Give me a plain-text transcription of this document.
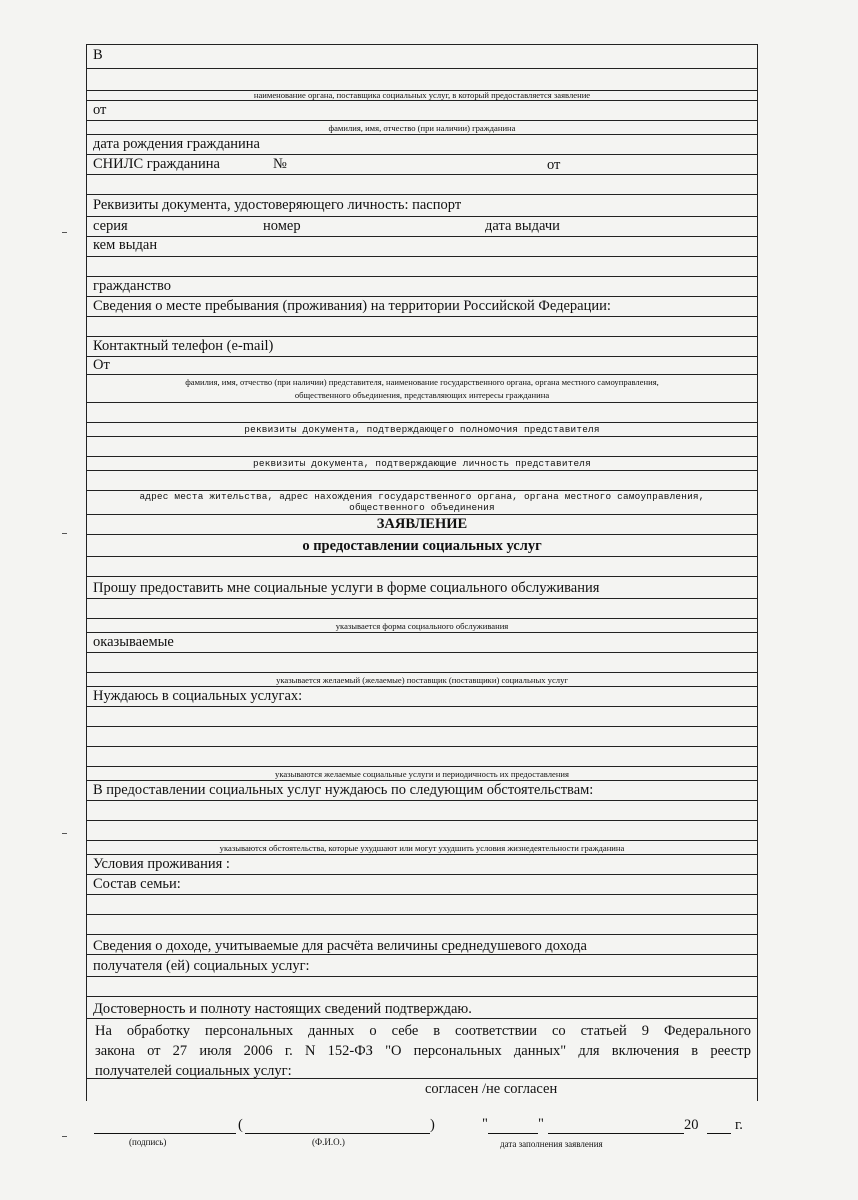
В
наименование органа, поставщика социальных услуг, в который предоставляется заявление
от
фамилия, имя, отчество (при наличии) гражданина
дата рождения гражданина
СНИЛС гражданина	№	от
Реквизиты документа, удостоверяющего личность: паспорт
серия	номер	дата выдачи
кем выдан
гражданство
Сведения о месте пребывания (проживания) на территории Российской Федерации:
Контактный телефон (e-mail)
От
фамилия, имя, отчество (при наличии) представителя, наименование государственного органа, органа местного самоуправления,
общественного объединения, представляющих интересы гражданина
реквизиты документа, подтверждающего полномочия представителя
реквизиты документа, подтверждающие личность представителя
адрес места жительства, адрес нахождения государственного органа, органа местного самоуправления,
общественного объединения
ЗАЯВЛЕНИЕ
о предоставлении социальных услуг
Прошу предоставить мне социальные услуги в форме социального обслуживания
указывается форма социального обслуживания
оказываемые
указывается желаемый (желаемые) поставщик (поставщики) социальных услуг
Нуждаюсь в социальных услугах:
указываются желаемые социальные услуги и периодичность их предоставления
В предоставлении социальных услуг нуждаюсь по следующим обстоятельствам:
указываются обстоятельства, которые ухудшают или могут ухудшить условия жизнедеятельности гражданина
Условия проживания :
Состав семьи:
Сведения о доходе, учитываемые для расчёта величины среднедушевого дохода
получателя (ей) социальных услуг:
Достоверность и полноту настоящих сведений подтверждаю.
На обработку персональных данных о себе в соответствии со статьей 9 Федерального
закона от 27 июля 2006 г. N 152-ФЗ "О персональных данных" для включения в реестр
получателей социальных услуг:
согласен /не согласен
(	)	"	"	20	г.
(подпись)	(Ф.И.О.)	дата заполнения заявления
